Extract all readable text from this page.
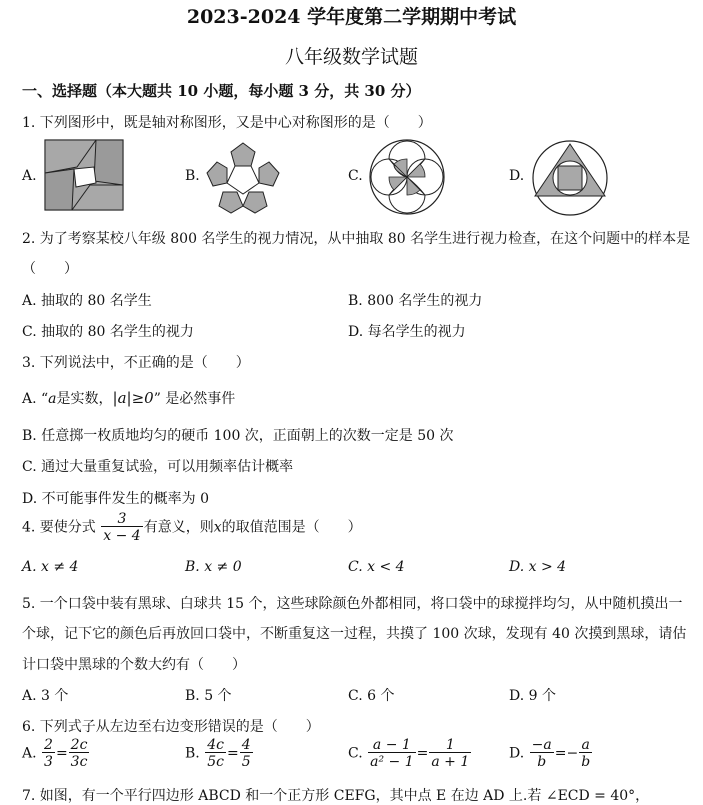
2023-2024 学年度第二学期期中考试
八年级数学试题
一、选择题（本大题共 10 小题，每小题 3 分，共 30 分）
1. 下列图形中，既是轴对称图形，又是中心对称图形的是（　　）
A.	B.	C.	D.
2. 为了考察某校八年级 800 名学生的视力情况，从中抽取 80 名学生进行视力检查，在这个问题中的样本是
（　　）
A. 抽取的 80 名学生	B. 800 名学生的视力
C. 抽取的 80 名学生的视力	D. 每名学生的视力
3. 下列说法中，不正确的是（　　）
A. “a是实数，|a|≥0” 是必然事件
B. 任意掷一枚质地均匀的硬币 100 次，正面朝上的次数一定是 50 次
C. 通过大量重复试验，可以用频率估计概率
D. 不可能事件发生的概率为 0
4. 要使分式 $\frac{3}{x - 4}$ 有意义，则x的取值范围是（　　）
A. x ≠ 4	B. x ≠ 0	C. x < 4	D. x > 4
5. 一个口袋中装有黑球、白球共 15 个，这些球除颜色外都相同，将口袋中的球搅拌均匀，从中随机摸出一
个球，记下它的颜色后再放回口袋中，不断重复这一过程，共摸了 100 次球，发现有 40 次摸到黑球，请估
计口袋中黑球的个数大约有（　　）
A. 3 个	B. 5 个	C. 6 个	D. 9 个
6. 下列式子从左边至右边变形错误的是（　　）
A. $\frac{2}{3} = \frac{2c}{3c}$	B. $\frac{4c}{5c} = \frac{4}{5}$	C. $\frac{a - 1}{\text{a² − 1}} = \frac{1}{a + 1}$	D. $\frac{-a}{b} =- \frac{a}{b}$
7. 如图，有一个平行四边形 ABCD 和一个正方形 CEFG，其中点 E 在边 AD 上.若 ∠ECD = 40°，
